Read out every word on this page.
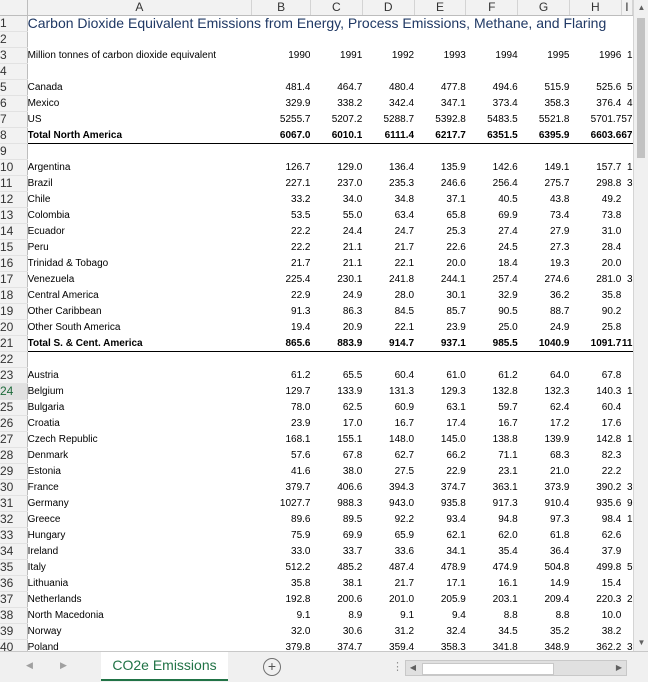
	A	B	C	D	E	F	G	H	I
1	Carbon Dioxide Equivalent Emissions from Energy, Process Emissions, Methane, and Flaring								
2									
3	Million tonnes of carbon dioxide equivalent	1990	1991	1992	1993	1994	1995	1996	1
4									
5	Canada	481.4	464.7	480.4	477.8	494.6	515.9	525.6	5
6	Mexico	329.9	338.2	342.4	347.1	373.4	358.3	376.4	4
7	US	5255.7	5207.2	5288.7	5392.8	5483.5	5521.8	5701.7	57
8	Total North America	6067.0	6010.1	6111.4	6217.7	6351.5	6395.9	6603.6	67
9									
10	Argentina	126.7	129.0	136.4	135.9	142.6	149.1	157.7	1
11	Brazil	227.1	237.0	235.3	246.6	256.4	275.7	298.8	3
12	Chile	33.2	34.0	34.8	37.1	40.5	43.8	49.2	
13	Colombia	53.5	55.0	63.4	65.8	69.9	73.4	73.8	
14	Ecuador	22.2	24.4	24.7	25.3	27.4	27.9	31.0	
15	Peru	22.2	21.1	21.7	22.6	24.5	27.3	28.4	
16	Trinidad & Tobago	21.7	21.1	22.1	20.0	18.4	19.3	20.0	
17	Venezuela	225.4	230.1	241.8	244.1	257.4	274.6	281.0	3
18	Central America	22.9	24.9	28.0	30.1	32.9	36.2	35.8	
19	Other Caribbean	91.3	86.3	84.5	85.7	90.5	88.7	90.2	
20	Other South America	19.4	20.9	22.1	23.9	25.0	24.9	25.8	
21	Total S. & Cent. America	865.6	883.9	914.7	937.1	985.5	1040.9	1091.7	11
22									
23	Austria	61.2	65.5	60.4	61.0	61.2	64.0	67.8	
24	Belgium	129.7	133.9	131.3	129.3	132.8	132.3	140.3	1
25	Bulgaria	78.0	62.5	60.9	63.1	59.7	62.4	60.4	
26	Croatia	23.9	17.0	16.7	17.4	16.7	17.2	17.6	
27	Czech Republic	168.1	155.1	148.0	145.0	138.8	139.9	142.8	1
28	Denmark	57.6	67.8	62.7	66.2	71.1	68.3	82.3	
29	Estonia	41.6	38.0	27.5	22.9	23.1	21.0	22.2	
30	France	379.7	406.6	394.3	374.7	363.1	373.9	390.2	3
31	Germany	1027.7	988.3	943.0	935.8	917.3	910.4	935.6	9
32	Greece	89.6	89.5	92.2	93.4	94.8	97.3	98.4	1
33	Hungary	75.9	69.9	65.9	62.1	62.0	61.8	62.6	
34	Ireland	33.0	33.7	33.6	34.1	35.4	36.4	37.9	
35	Italy	512.2	485.2	487.4	478.9	474.9	504.8	499.8	5
36	Lithuania	35.8	38.1	21.7	17.1	16.1	14.9	15.4	
37	Netherlands	192.8	200.6	201.0	205.9	203.1	209.4	220.3	2
38	North Macedonia	9.1	8.9	9.1	9.4	8.8	8.8	10.0	
39	Norway	32.0	30.6	31.2	32.4	34.5	35.2	38.2	
40	Poland	379.8	374.7	359.4	358.3	341.8	348.9	362.2	3

▲
▼
◀	▶	CO2e Emissions	+	⋮ ◀	▶
